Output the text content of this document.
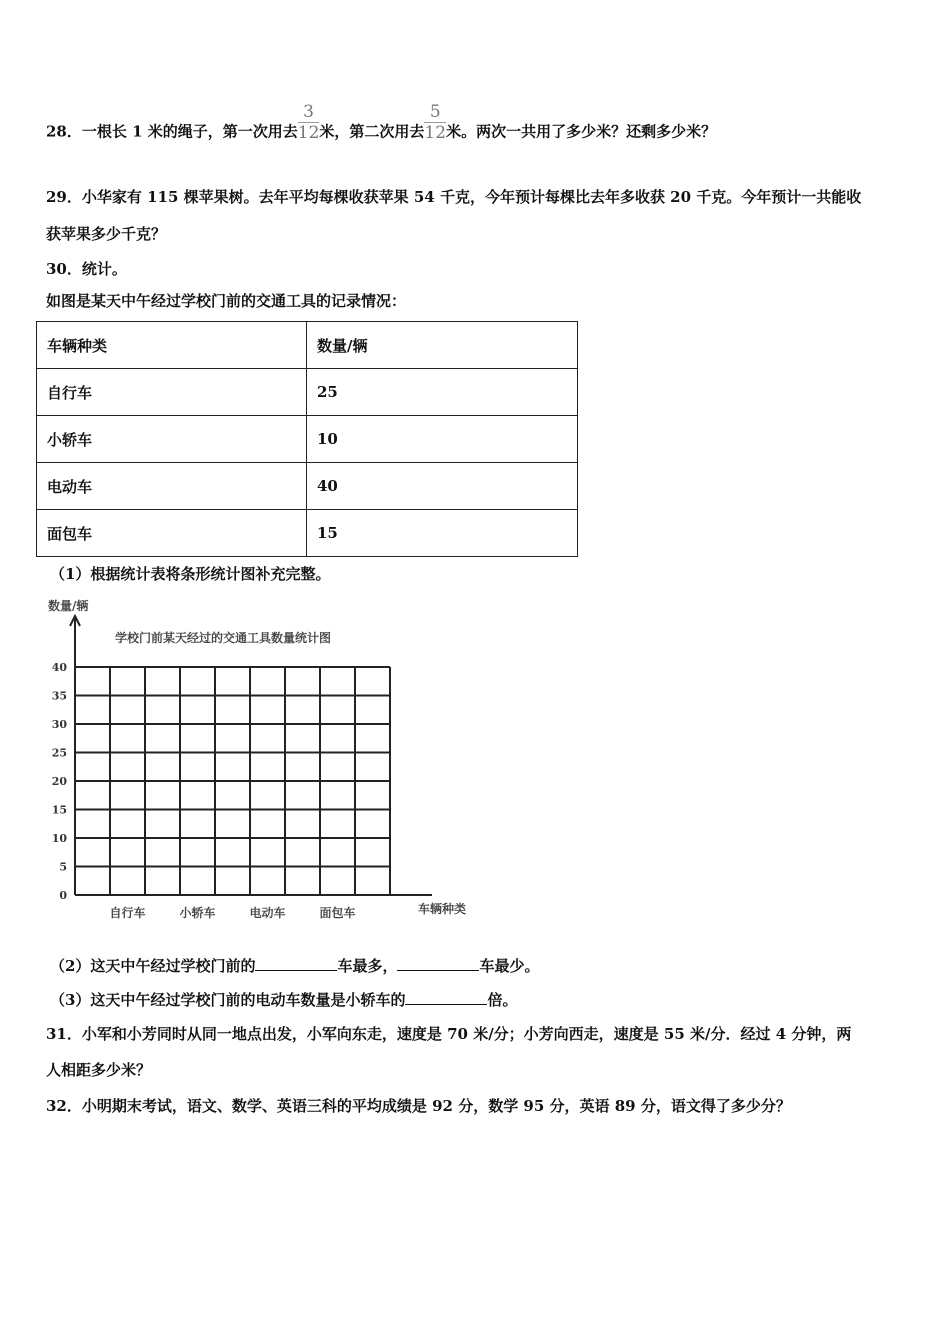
28．一根长 1 米的绳子，第一次用去 $\frac{3}{12}$ 米，第二次用去 $\frac{5}{12}$ 米。两次一共用了多少米？还剩多少米？
29．小华家有 115 棵苹果树。去年平均每棵收获苹果 54 千克，今年预计每棵比去年多收获 20 千克。今年预计一共能收
获苹果多少千克？
30．统计。
如图是某天中午经过学校门前的交通工具的记录情况：
车辆种类	数量/辆
自行车	25
小轿车	10
电动车	40
面包车	15
（1）根据统计表将条形统计图补充完整。
数量/辆
学校门前某天经过的交通工具数量统计图
车辆种类
0
5
10
15
20
25
30
35
40
自行车	小轿车	电动车	面包车
（2）这天中午经过学校门前的	车最多，	车最少。
（3）这天中午经过学校门前的电动车数量是小轿车的	倍。
31．小军和小芳同时从同一地点出发，小军向东走，速度是 70 米/分；小芳向西走，速度是 55 米/分．经过 4 分钟，两
人相距多少米？
32．小明期末考试，语文、数学、英语三科的平均成绩是 92 分，数学 95 分，英语 89 分，语文得了多少分？
